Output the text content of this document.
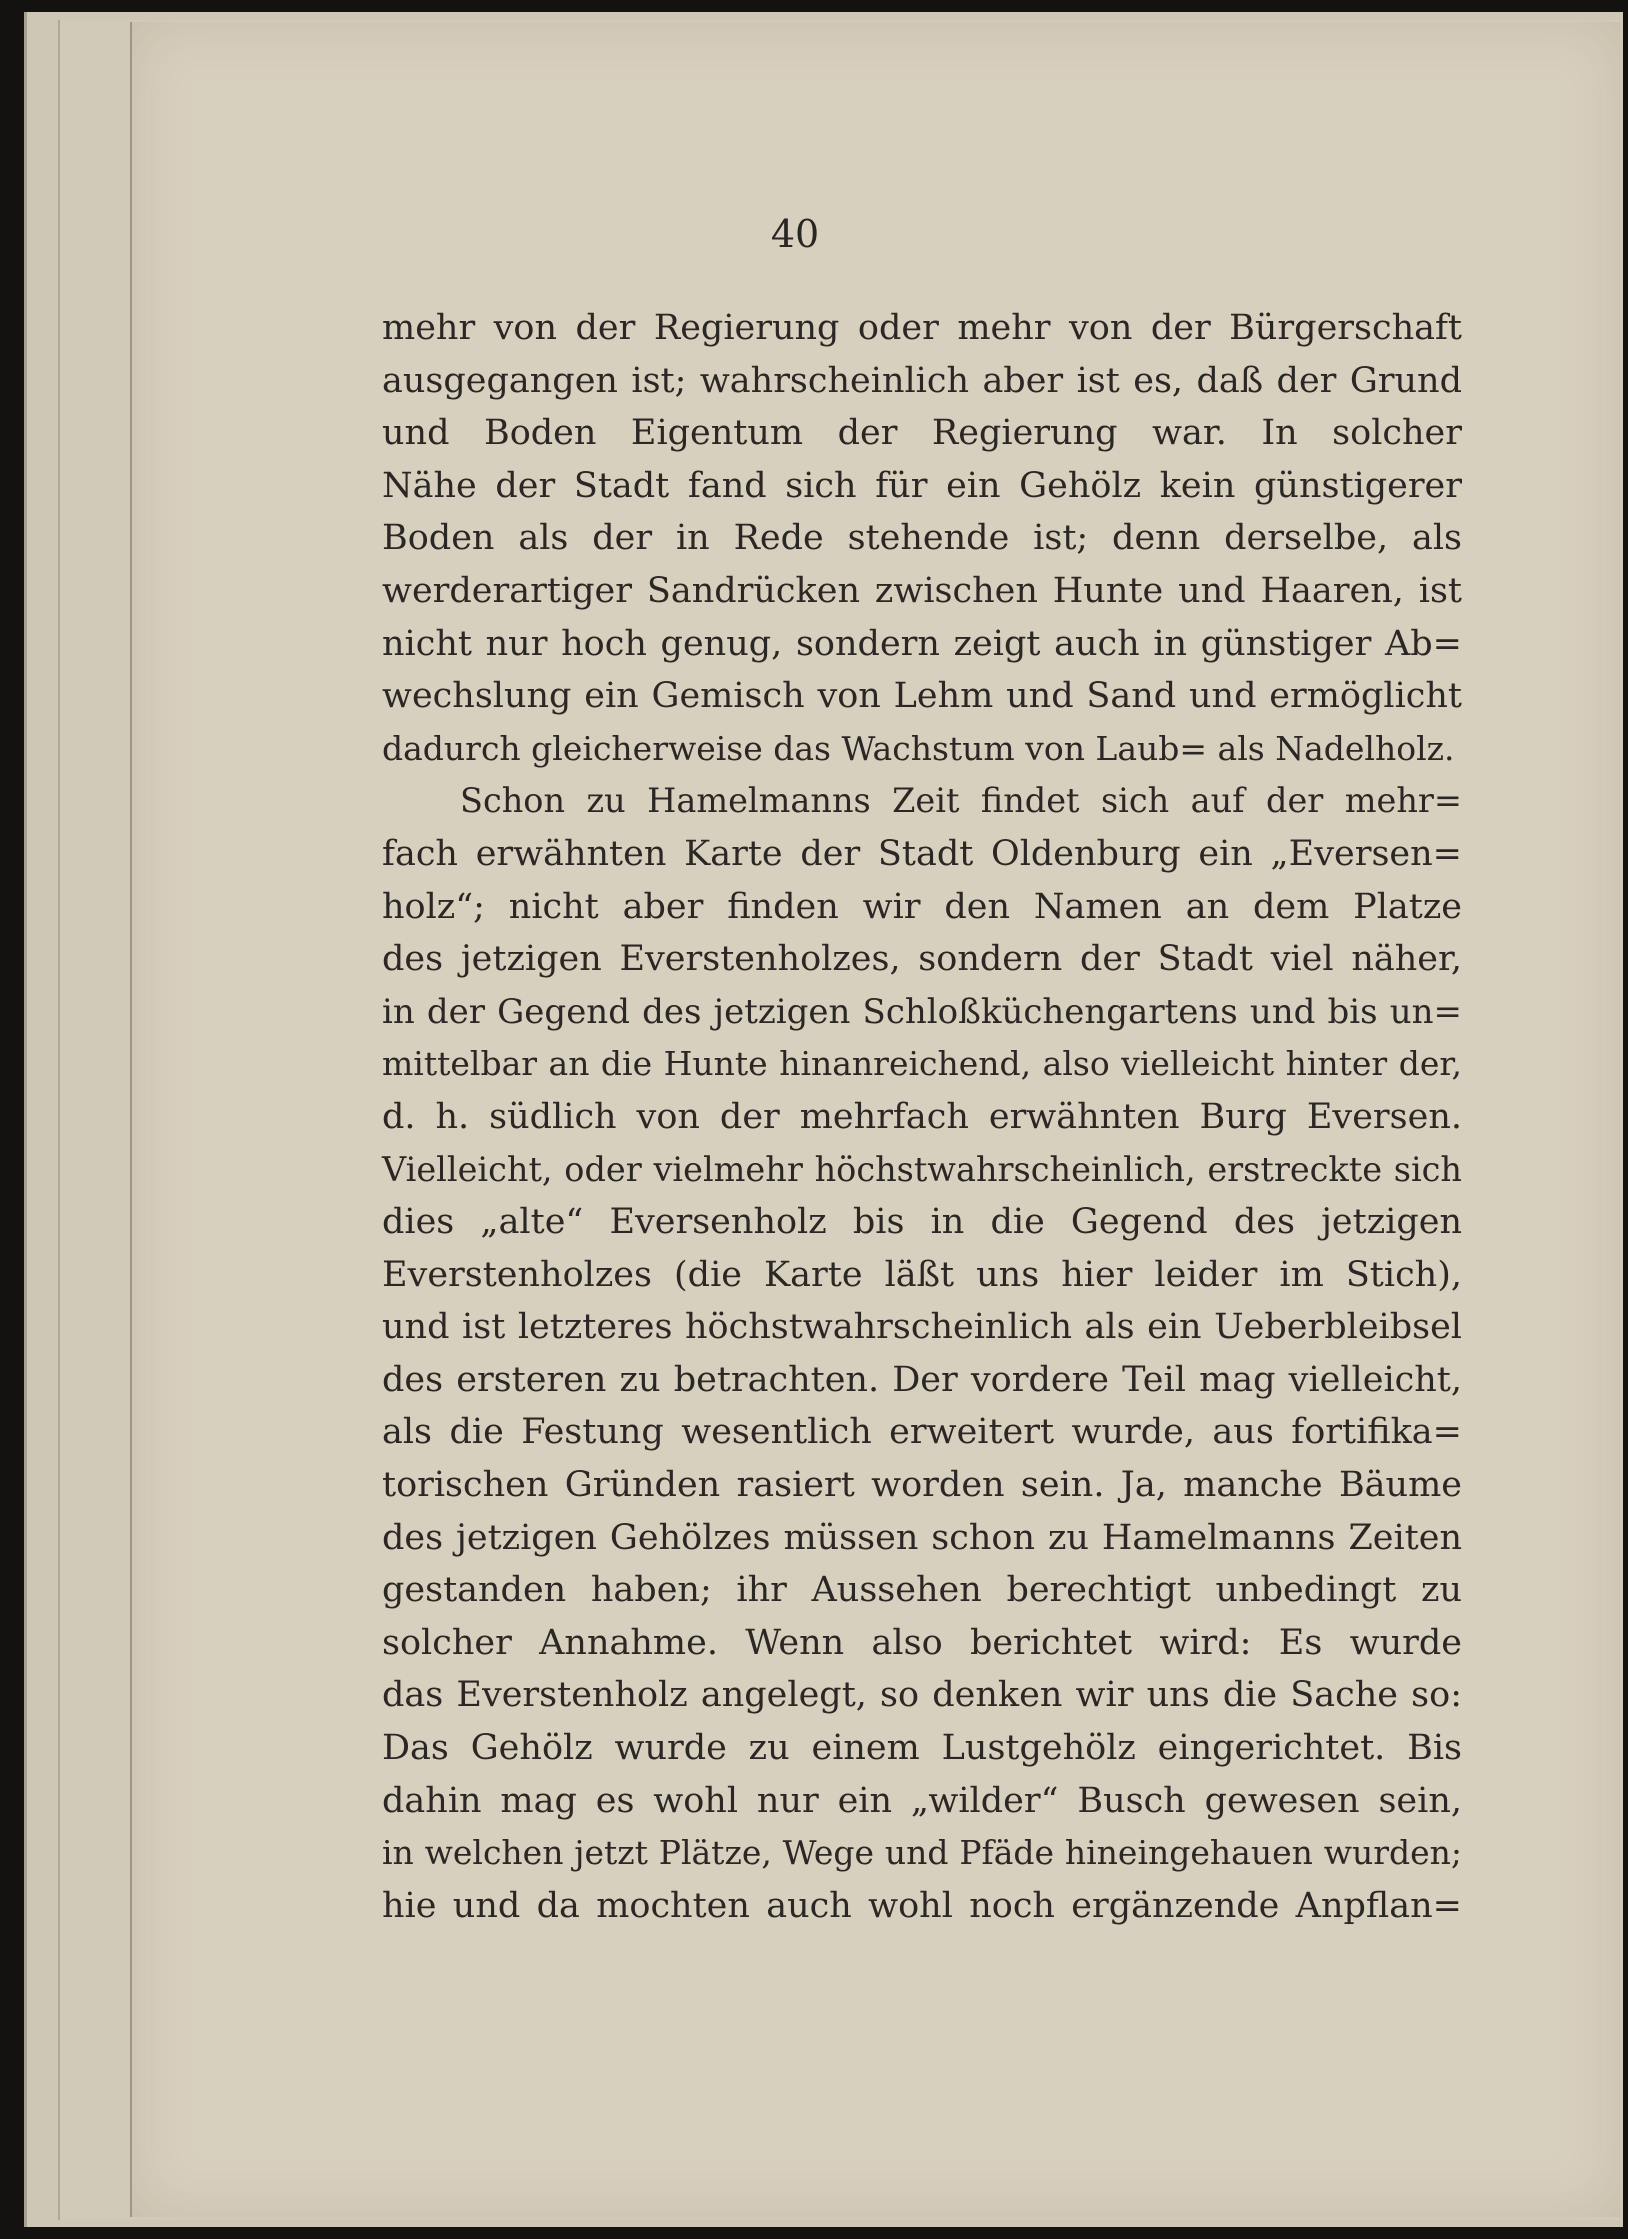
40
mehr von der Regierung oder mehr von der Bürgerschaft
ausgegangen ist; wahrscheinlich aber ist es, daß der Grund
und Boden Eigentum der Regierung war. In solcher
Nähe der Stadt fand sich für ein Gehölz kein günstigerer
Boden als der in Rede stehende ist; denn derselbe, als
werderartiger Sandrücken zwischen Hunte und Haaren, ist
nicht nur hoch genug, sondern zeigt auch in günstiger Ab=
wechslung ein Gemisch von Lehm und Sand und ermöglicht
dadurch gleicherweise das Wachstum von Laub= als Nadelholz.
Schon zu Hamelmanns Zeit findet sich auf der mehr=
fach erwähnten Karte der Stadt Oldenburg ein „Eversen=
holz“; nicht aber finden wir den Namen an dem Platze
des jetzigen Everstenholzes, sondern der Stadt viel näher,
in der Gegend des jetzigen Schloßküchengartens und bis un=
mittelbar an die Hunte hinanreichend, also vielleicht hinter der,
d. h. südlich von der mehrfach erwähnten Burg Eversen.
Vielleicht, oder vielmehr höchstwahrscheinlich, erstreckte sich
dies „alte“ Eversenholz bis in die Gegend des jetzigen
Everstenholzes (die Karte läßt uns hier leider im Stich),
und ist letzteres höchstwahrscheinlich als ein Ueberbleibsel
des ersteren zu betrachten. Der vordere Teil mag vielleicht,
als die Festung wesentlich erweitert wurde, aus fortifika=
torischen Gründen rasiert worden sein. Ja, manche Bäume
des jetzigen Gehölzes müssen schon zu Hamelmanns Zeiten
gestanden haben; ihr Aussehen berechtigt unbedingt zu
solcher Annahme. Wenn also berichtet wird: Es wurde
das Everstenholz angelegt, so denken wir uns die Sache so:
Das Gehölz wurde zu einem Lustgehölz eingerichtet. Bis
dahin mag es wohl nur ein „wilder“ Busch gewesen sein,
in welchen jetzt Plätze, Wege und Pfäde hineingehauen wurden;
hie und da mochten auch wohl noch ergänzende Anpflan=
